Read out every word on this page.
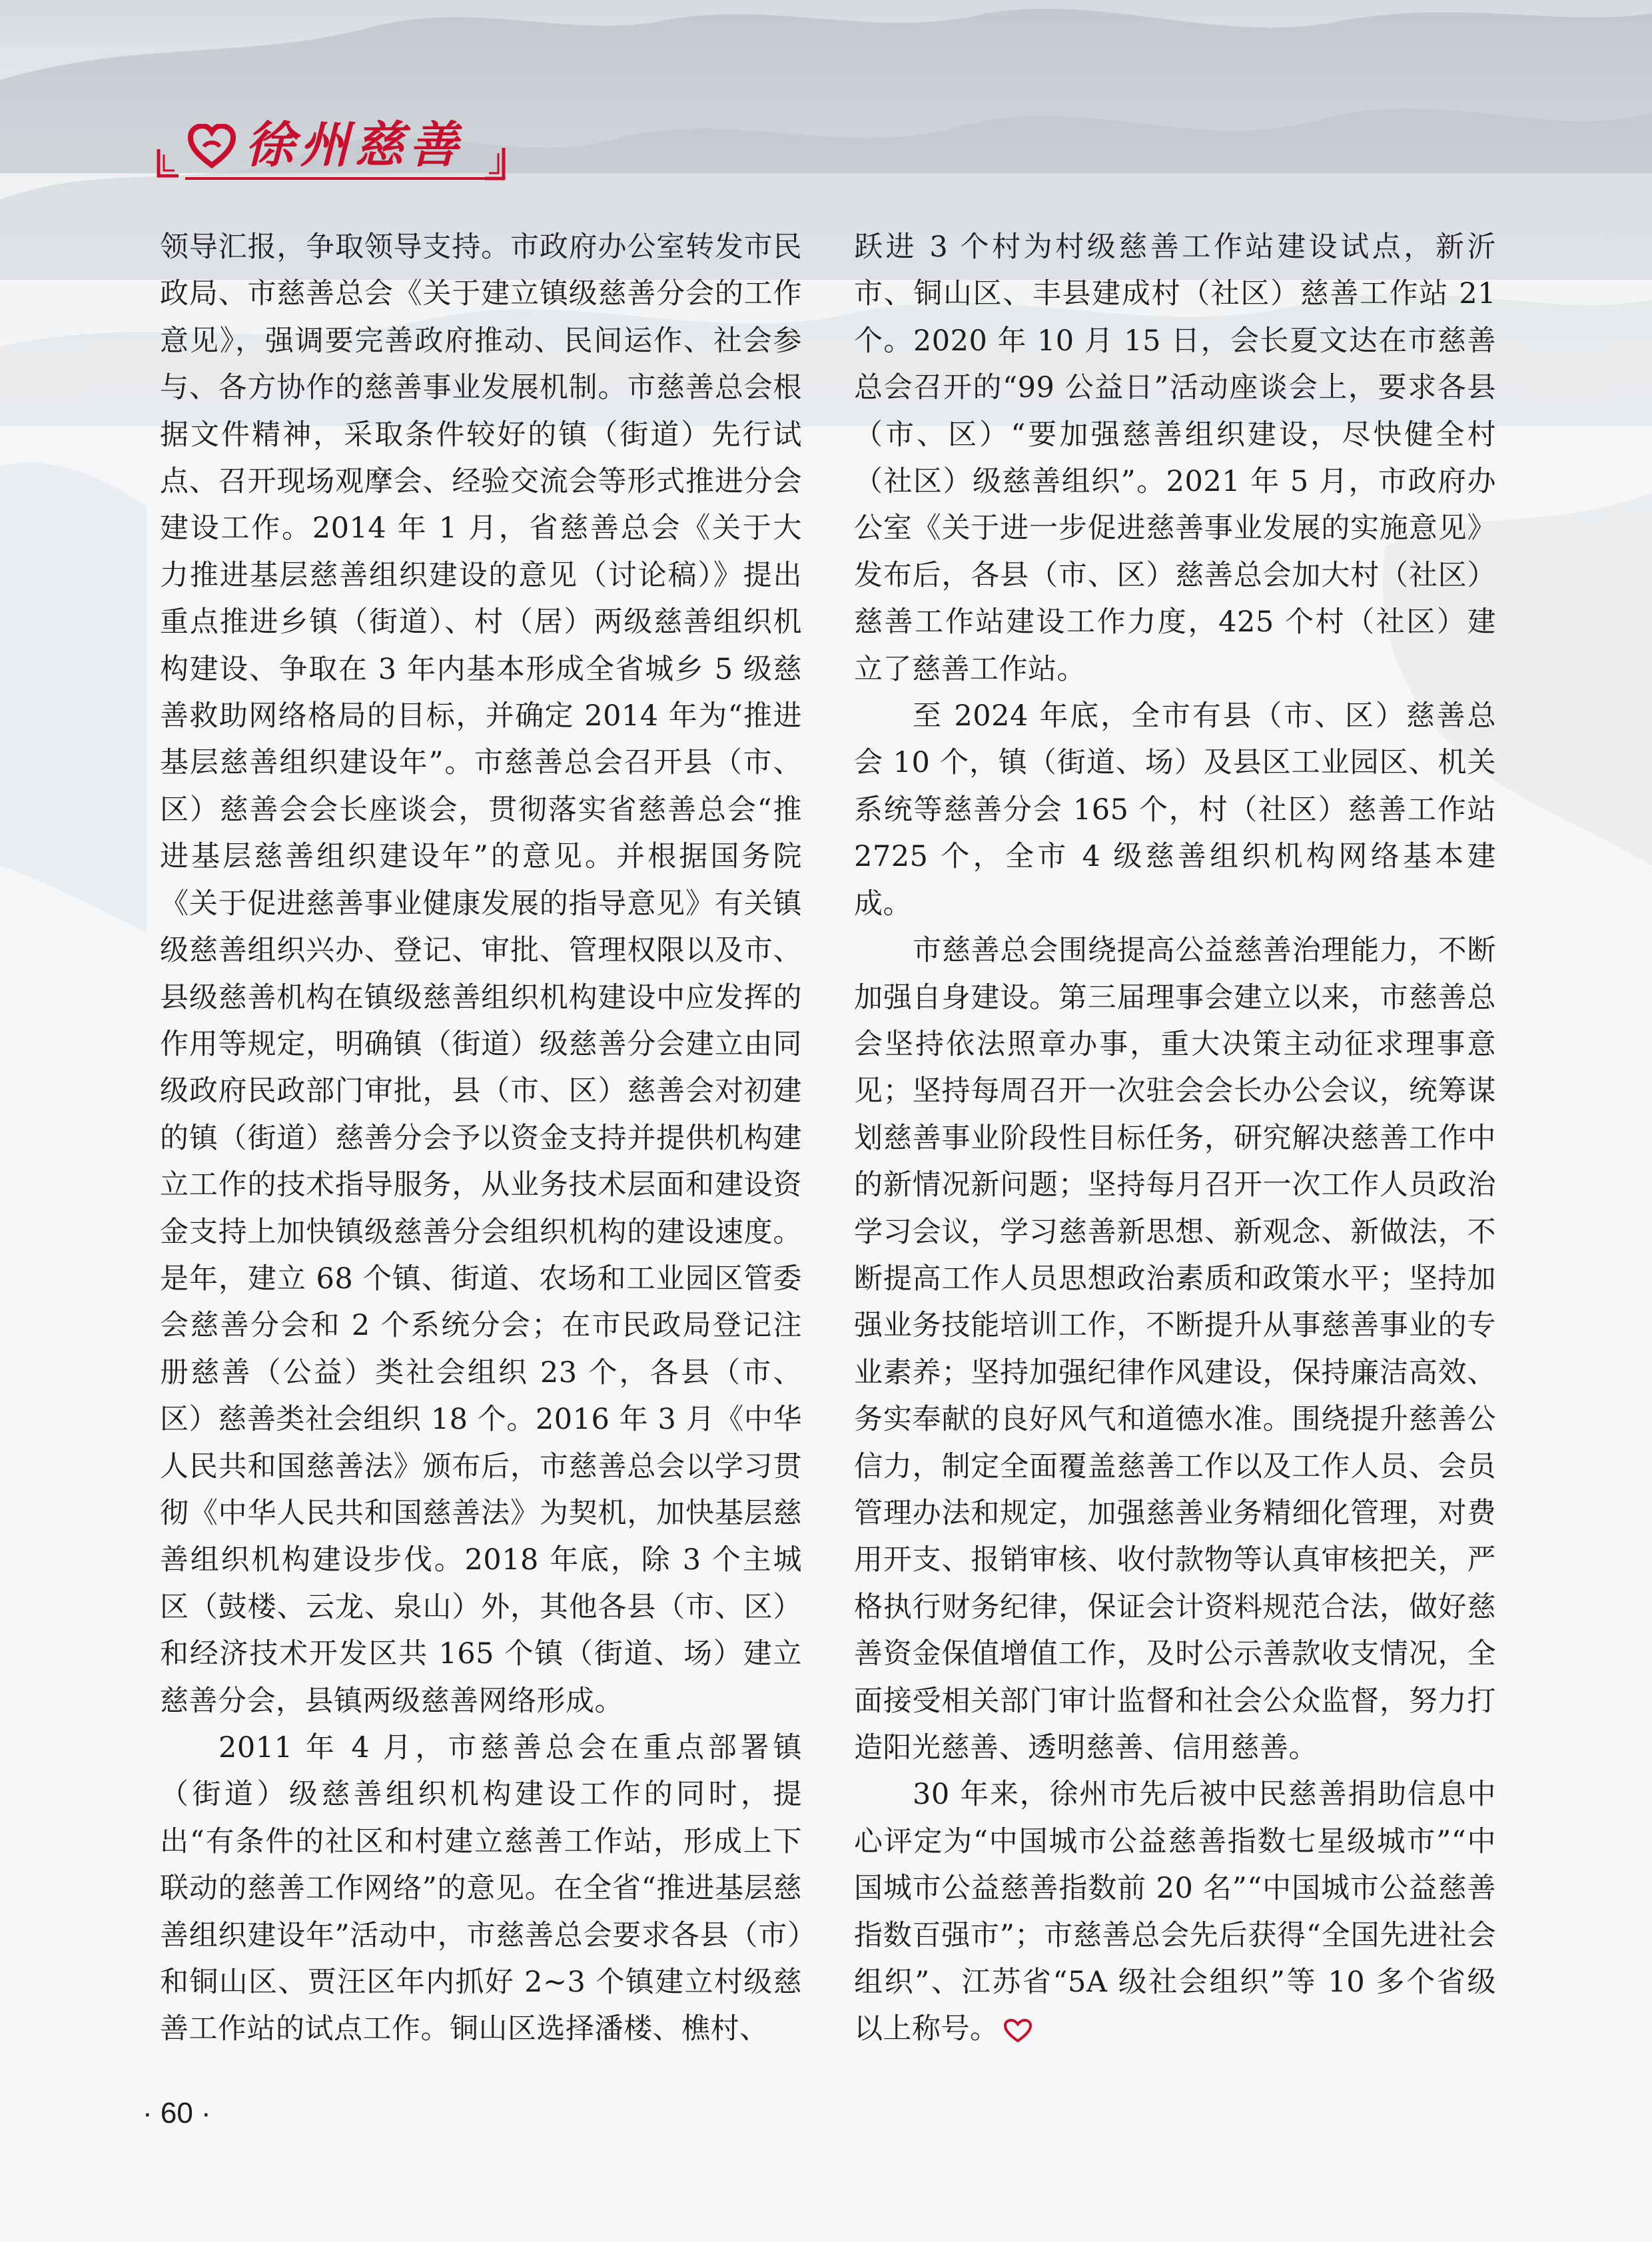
徐州慈善

领导汇报，争取领导支持。市政府办公室转发市民政局、市慈善总会《关于建立镇级慈善分会的工作意见》，强调要完善政府推动、民间运作、社会参与、各方协作的慈善事业发展机制。市慈善总会根据文件精神，采取条件较好的镇（街道）先行试点、召开现场观摩会、经验交流会等形式推进分会建设工作。2014 年 1 月，省慈善总会《关于大力推进基层慈善组织建设的意见（讨论稿）》提出重点推进乡镇（街道）、村（居）两级慈善组织机构建设、争取在 3 年内基本形成全省城乡 5 级慈善救助网络格局的目标，并确定 2014 年为“推进基层慈善组织建设年”。市慈善总会召开县（市、区）慈善会会长座谈会，贯彻落实省慈善总会“推进基层慈善组织建设年”的意见。并根据国务院《关于促进慈善事业健康发展的指导意见》有关镇级慈善组织兴办、登记、审批、管理权限以及市、县级慈善机构在镇级慈善组织机构建设中应发挥的作用等规定，明确镇（街道）级慈善分会建立由同级政府民政部门审批，县（市、区）慈善会对初建的镇（街道）慈善分会予以资金支持并提供机构建立工作的技术指导服务，从业务技术层面和建设资金支持上加快镇级慈善分会组织机构的建设速度。是年，建立 68 个镇、街道、农场和工业园区管委会慈善分会和 2 个系统分会；在市民政局登记注册慈善（公益）类社会组织 23 个，各县（市、区）慈善类社会组织 18 个。2016 年 3 月《中华人民共和国慈善法》颁布后，市慈善总会以学习贯彻《中华人民共和国慈善法》为契机，加快基层慈善组织机构建设步伐。2018 年底，除 3 个主城区（鼓楼、云龙、泉山）外，其他各县（市、区）和经济技术开发区共 165 个镇（街道、场）建立慈善分会，县镇两级慈善网络形成。

2011 年 4 月，市慈善总会在重点部署镇（街道）级慈善组织机构建设工作的同时，提出“有条件的社区和村建立慈善工作站，形成上下联动的慈善工作网络”的意见。在全省“推进基层慈善组织建设年”活动中，市慈善总会要求各县（市）和铜山区、贾汪区年内抓好 2~3 个镇建立村级慈善工作站的试点工作。铜山区选择潘楼、樵村、

跃进 3 个村为村级慈善工作站建设试点，新沂市、铜山区、丰县建成村（社区）慈善工作站 21 个。2020 年 10 月 15 日，会长夏文达在市慈善总会召开的“99 公益日”活动座谈会上，要求各县（市、区）“要加强慈善组织建设，尽快健全村（社区）级慈善组织”。2021 年 5 月，市政府办公室《关于进一步促进慈善事业发展的实施意见》发布后，各县（市、区）慈善总会加大村（社区）慈善工作站建设工作力度，425 个村（社区）建立了慈善工作站。

至 2024 年底，全市有县（市、区）慈善总会 10 个，镇（街道、场）及县区工业园区、机关系统等慈善分会 165 个，村（社区）慈善工作站 2725 个，全市 4 级慈善组织机构网络基本建成。

市慈善总会围绕提高公益慈善治理能力，不断加强自身建设。第三届理事会建立以来，市慈善总会坚持依法照章办事，重大决策主动征求理事意见；坚持每周召开一次驻会会长办公会议，统筹谋划慈善事业阶段性目标任务，研究解决慈善工作中的新情况新问题；坚持每月召开一次工作人员政治学习会议，学习慈善新思想、新观念、新做法，不断提高工作人员思想政治素质和政策水平；坚持加强业务技能培训工作，不断提升从事慈善事业的专业素养；坚持加强纪律作风建设，保持廉洁高效、务实奉献的良好风气和道德水准。围绕提升慈善公信力，制定全面覆盖慈善工作以及工作人员、会员管理办法和规定，加强慈善业务精细化管理，对费用开支、报销审核、收付款物等认真审核把关，严格执行财务纪律，保证会计资料规范合法，做好慈善资金保值增值工作，及时公示善款收支情况，全面接受相关部门审计监督和社会公众监督，努力打造阳光慈善、透明慈善、信用慈善。

30 年来，徐州市先后被中民慈善捐助信息中心评定为“中国城市公益慈善指数七星级城市”“中国城市公益慈善指数前 20 名”“中国城市公益慈善指数百强市”；市慈善总会先后获得“全国先进社会组织”、江苏省“5A 级社会组织”等 10 多个省级以上称号。

· 60 ·
